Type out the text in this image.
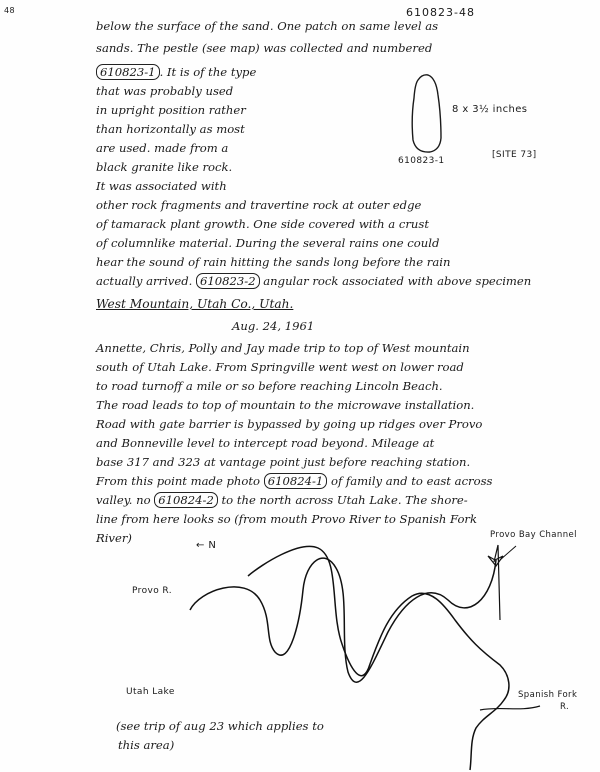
48	610823-48
below the surface of the sand. One patch on same level as
sands. The pestle (see map) was collected and numbered
610823-1 . It is of the type
that was probably used
in upright position rather
than horizontally as most
are used. made from a
black granite like rock.
It was associated with
other rock fragments and travertine rock at outer edge
of tamarack plant growth. One side covered with a crust
of columnlike material. During the several rains one could
hear the sound of rain hitting the sands long before the rain
actually arrived. 610823-2 angular rock associated with above specimen
8 x 3½ inches
610823-1
[SITE 73]
West Mountain, Utah Co., Utah.
Aug. 24, 1961
Annette, Chris, Polly and Jay made trip to top of West mountain
south of Utah Lake. From Springville went west on lower road
to road turnoff a mile or so before reaching Lincoln Beach.
The road leads to top of mountain to the microwave installation.
Road with gate barrier is bypassed by going up ridges over Provo
and Bonneville level to intercept road beyond. Mileage at
base 317 and 323 at vantage point just before reaching station.
From this point made photo 610824-1 of family and to east across
valley. no 610824-2 to the north across Utah Lake. The shore-
line from here looks so (from mouth Provo River to Spanish Fork
River)
← N
Provo R.
Utah Lake
Provo Bay Channel
Spanish Fork
R.
(see trip of aug 23 which applies to
this area)
